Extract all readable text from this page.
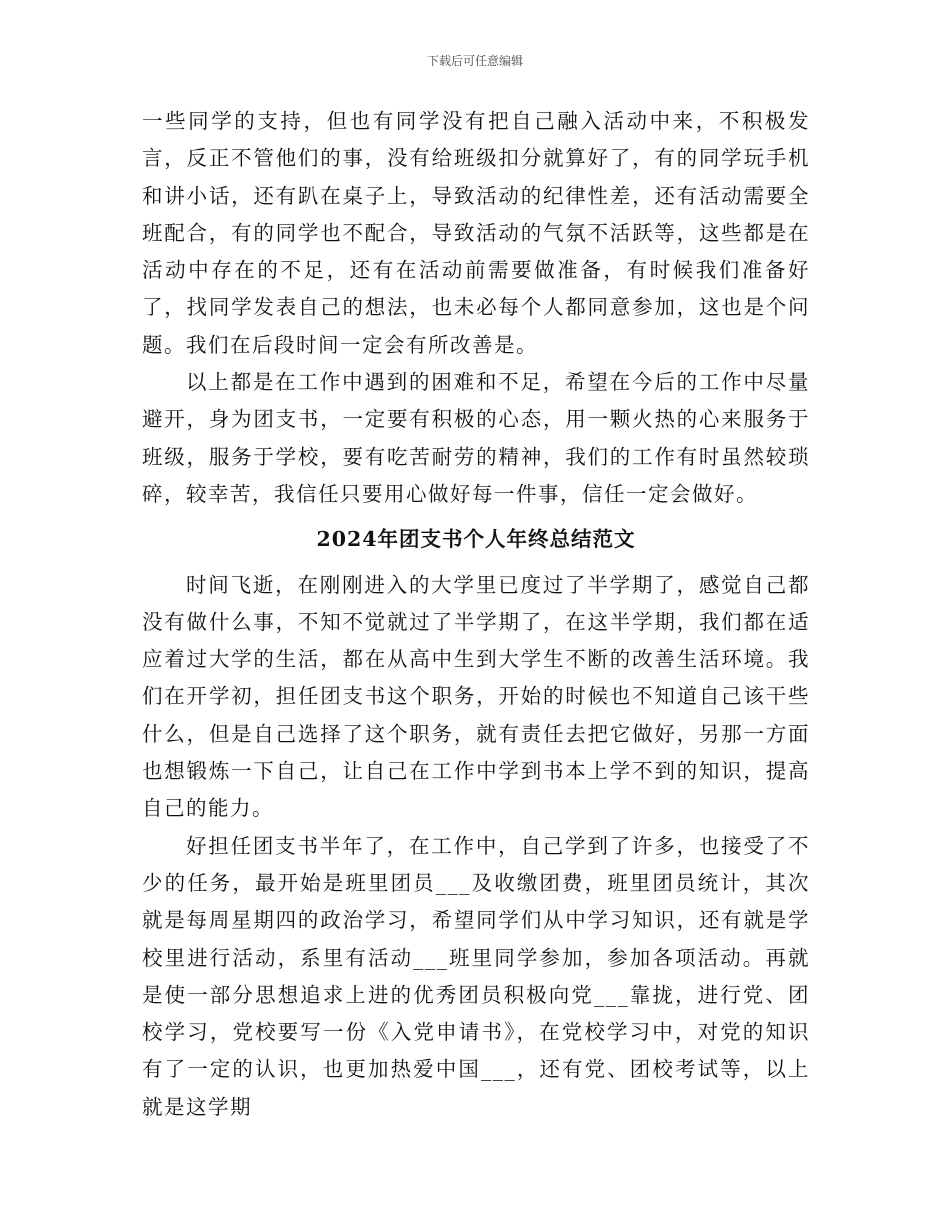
下载后可任意编辑

一些同学的支持，但也有同学没有把自己融入活动中来，不积极发言，反正不管他们的事，没有给班级扣分就算好了，有的同学玩手机和讲小话，还有趴在桌子上，导致活动的纪律性差，还有活动需要全班配合，有的同学也不配合，导致活动的气氛不活跃等，这些都是在活动中存在的不足，还有在活动前需要做准备，有时候我们准备好了，找同学发表自己的想法，也未必每个人都同意参加，这也是个问题。我们在后段时间一定会有所改善是。

以上都是在工作中遇到的困难和不足，希望在今后的工作中尽量避开，身为团支书，一定要有积极的心态，用一颗火热的心来服务于班级，服务于学校，要有吃苦耐劳的精神，我们的工作有时虽然较琐碎，较幸苦，我信任只要用心做好每一件事，信任一定会做好。

2024年团支书个人年终总结范文

时间飞逝，在刚刚进入的大学里已度过了半学期了，感觉自己都没有做什么事，不知不觉就过了半学期了，在这半学期，我们都在适应着过大学的生活，都在从高中生到大学生不断的改善生活环境。我们在开学初，担任团支书这个职务，开始的时候也不知道自己该干些什么，但是自己选择了这个职务，就有责任去把它做好，另那一方面也想锻炼一下自己，让自己在工作中学到书本上学不到的知识，提高自己的能力。

好担任团支书半年了，在工作中，自己学到了许多，也接受了不少的任务，最开始是班里团员___及收缴团费，班里团员统计，其次就是每周星期四的政治学习，希望同学们从中学习知识，还有就是学校里进行活动，系里有活动___班里同学参加，参加各项活动。再就是使一部分思想追求上进的优秀团员积极向党___靠拢，进行党、团校学习，党校要写一份《入党申请书》，在党校学习中，对党的知识有了一定的认识，也更加热爱中国___，还有党、团校考试等，以上就是这学期
